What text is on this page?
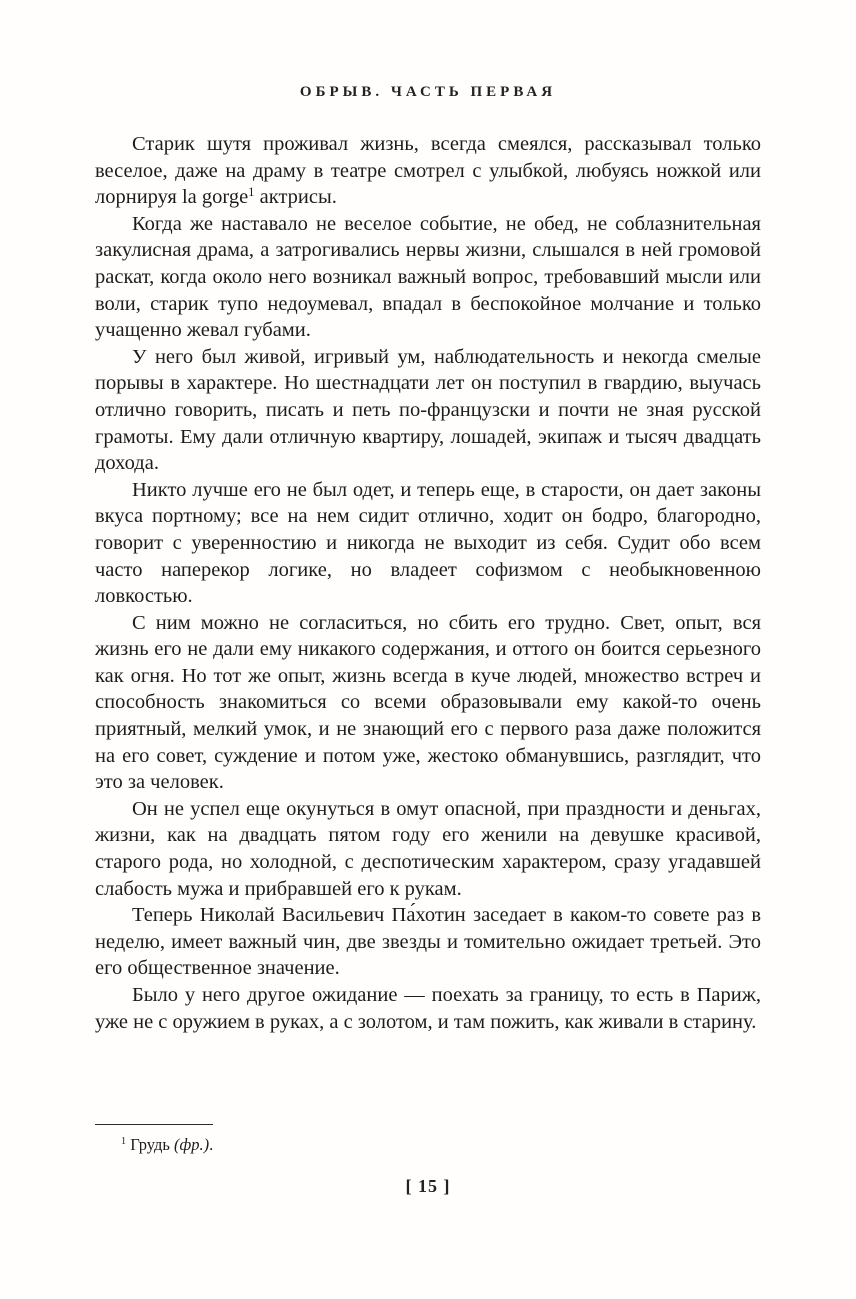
ОБРЫВ. ЧАСТЬ ПЕРВАЯ

Старик шутя проживал жизнь, всегда смеялся, рассказывал только веселое, даже на драму в театре смотрел с улыбкой, любуясь ножкой или лорнируя la gorge$^1$ актрисы.

Когда же наставало не веселое событие, не обед, не соблазнительная закулисная драма, а затрогивались нервы жизни, слышался в ней громовой раскат, когда около него возникал важный вопрос, требовавший мысли или воли, старик тупо недоумевал, впадал в беспокойное молчание и только учащенно жевал губами.

У него был живой, игривый ум, наблюдательность и некогда смелые порывы в характере. Но шестнадцати лет он поступил в гвардию, выучась отлично говорить, писать и петь по-французски и почти не зная русской грамоты. Ему дали отличную квартиру, лошадей, экипаж и тысяч двадцать дохода.

Никто лучше его не был одет, и теперь еще, в старости, он дает законы вкуса портному; все на нем сидит отлично, ходит он бодро, благородно, говорит с уверенностию и никогда не выходит из себя. Судит обо всем часто наперекор логике, но владеет софизмом с необыкновенною ловкостью.

С ним можно не согласиться, но сбить его трудно. Свет, опыт, вся жизнь его не дали ему никакого содержания, и оттого он боится серьезного как огня. Но тот же опыт, жизнь всегда в куче людей, множество встреч и способность знакомиться со всеми образовывали ему какой-то очень приятный, мелкий умок, и не знающий его с первого раза даже положится на его совет, суждение и потом уже, жестоко обманувшись, разглядит, что это за человек.

Он не успел еще окунуться в омут опасной, при праздности и деньгах, жизни, как на двадцать пятом году его женили на девушке красивой, старого рода, но холодной, с деспотическим характером, сразу угадавшей слабость мужа и прибравшей его к рукам.

Теперь Николай Васильевич Па́хотин заседает в каком-то совете раз в неделю, имеет важный чин, две звезды и томительно ожидает третьей. Это его общественное значение.

Было у него другое ожидание — поехать за границу, то есть в Париж, уже не с оружием в руках, а с золотом, и там пожить, как живали в старину.

$^1$ Грудь (фр.).
[ 15 ]
